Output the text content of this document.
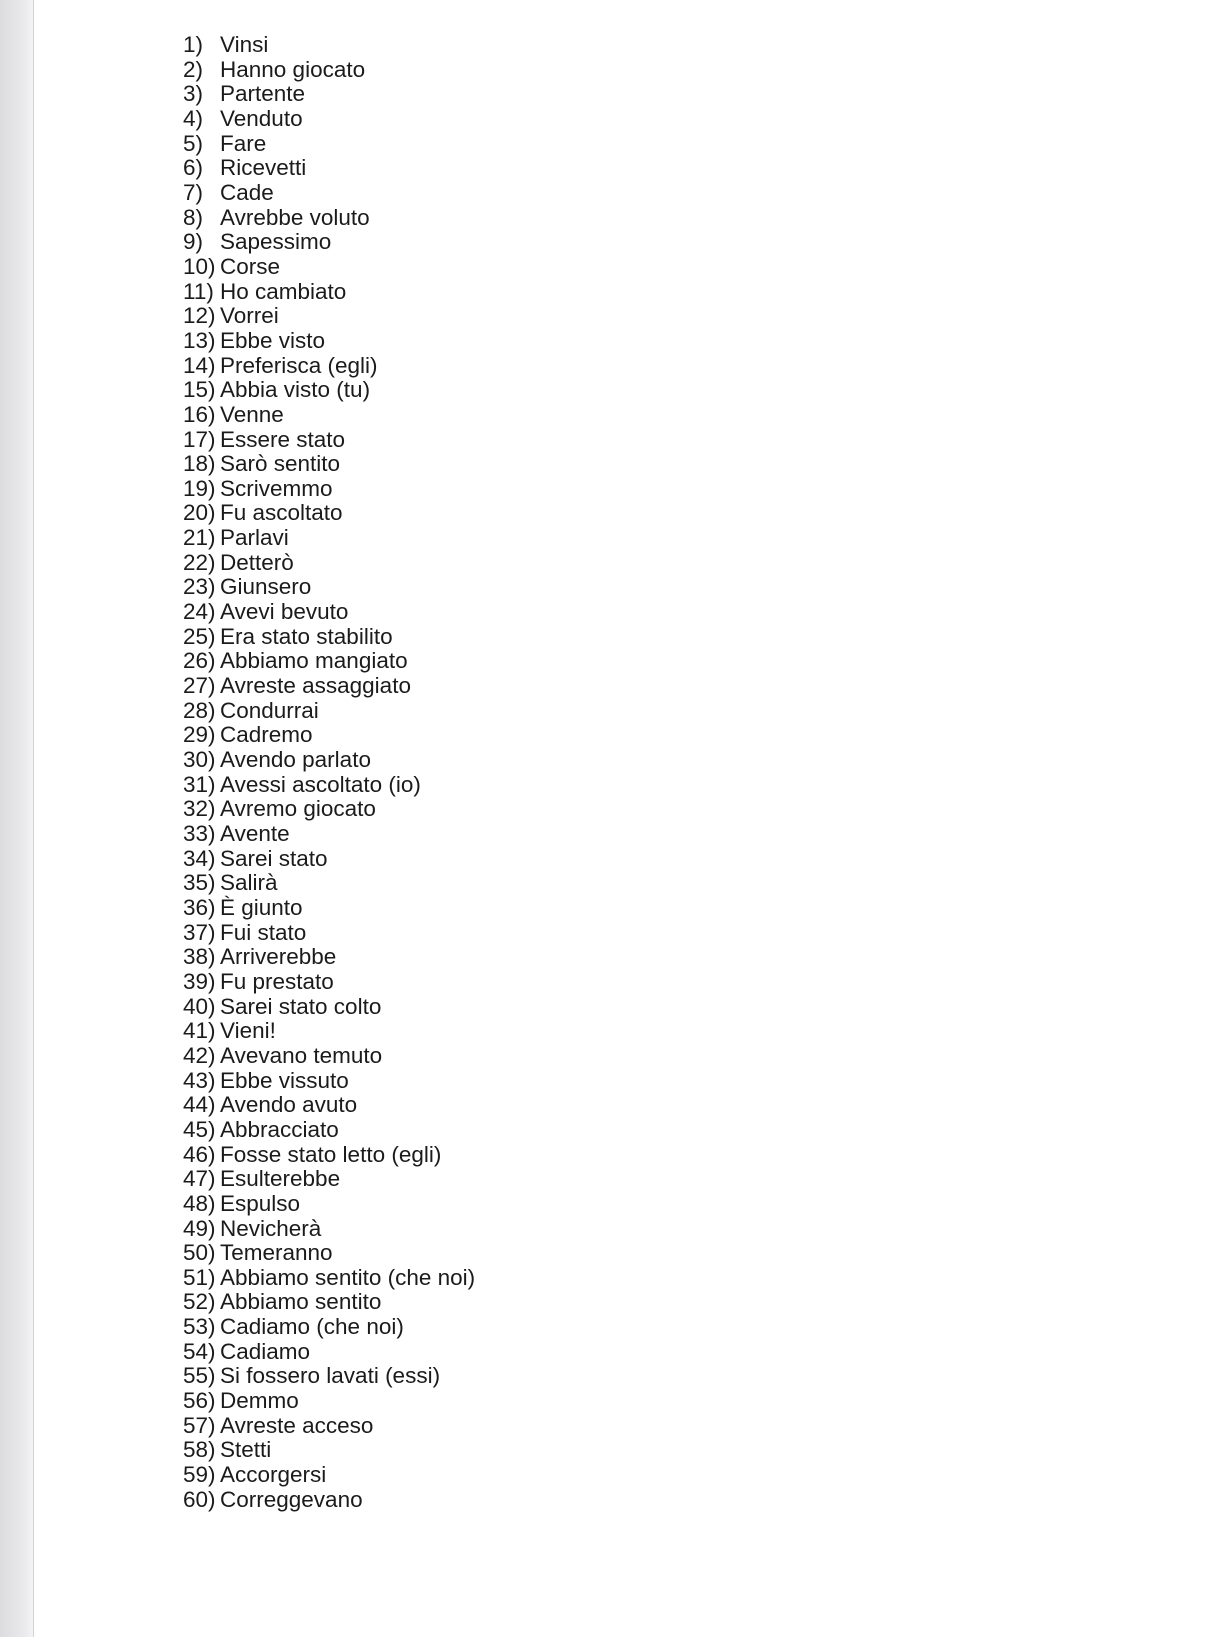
1) Vinsi
2) Hanno giocato
3) Partente
4) Venduto
5) Fare
6) Ricevetti
7) Cade
8) Avrebbe voluto
9) Sapessimo
10) Corse
11) Ho cambiato
12) Vorrei
13) Ebbe visto
14) Preferisca (egli)
15) Abbia visto (tu)
16) Venne
17) Essere stato
18) Sarò sentito
19) Scrivemmo
20) Fu ascoltato
21) Parlavi
22) Detterò
23) Giunsero
24) Avevi bevuto
25) Era stato stabilito
26) Abbiamo mangiato
27) Avreste assaggiato
28) Condurrai
29) Cadremo
30) Avendo parlato
31) Avessi ascoltato (io)
32) Avremo giocato
33) Avente
34) Sarei stato
35) Salirà
36) È giunto
37) Fui stato
38) Arriverebbe
39) Fu prestato
40) Sarei stato colto
41) Vieni!
42) Avevano temuto
43) Ebbe vissuto
44) Avendo avuto
45) Abbracciato
46) Fosse stato letto (egli)
47) Esulterebbe
48) Espulso
49) Nevicherà
50) Temeranno
51) Abbiamo sentito (che noi)
52) Abbiamo sentito
53) Cadiamo (che noi)
54) Cadiamo
55) Si fossero lavati (essi)
56) Demmo
57) Avreste acceso
58) Stetti
59) Accorgersi
60) Correggevano
